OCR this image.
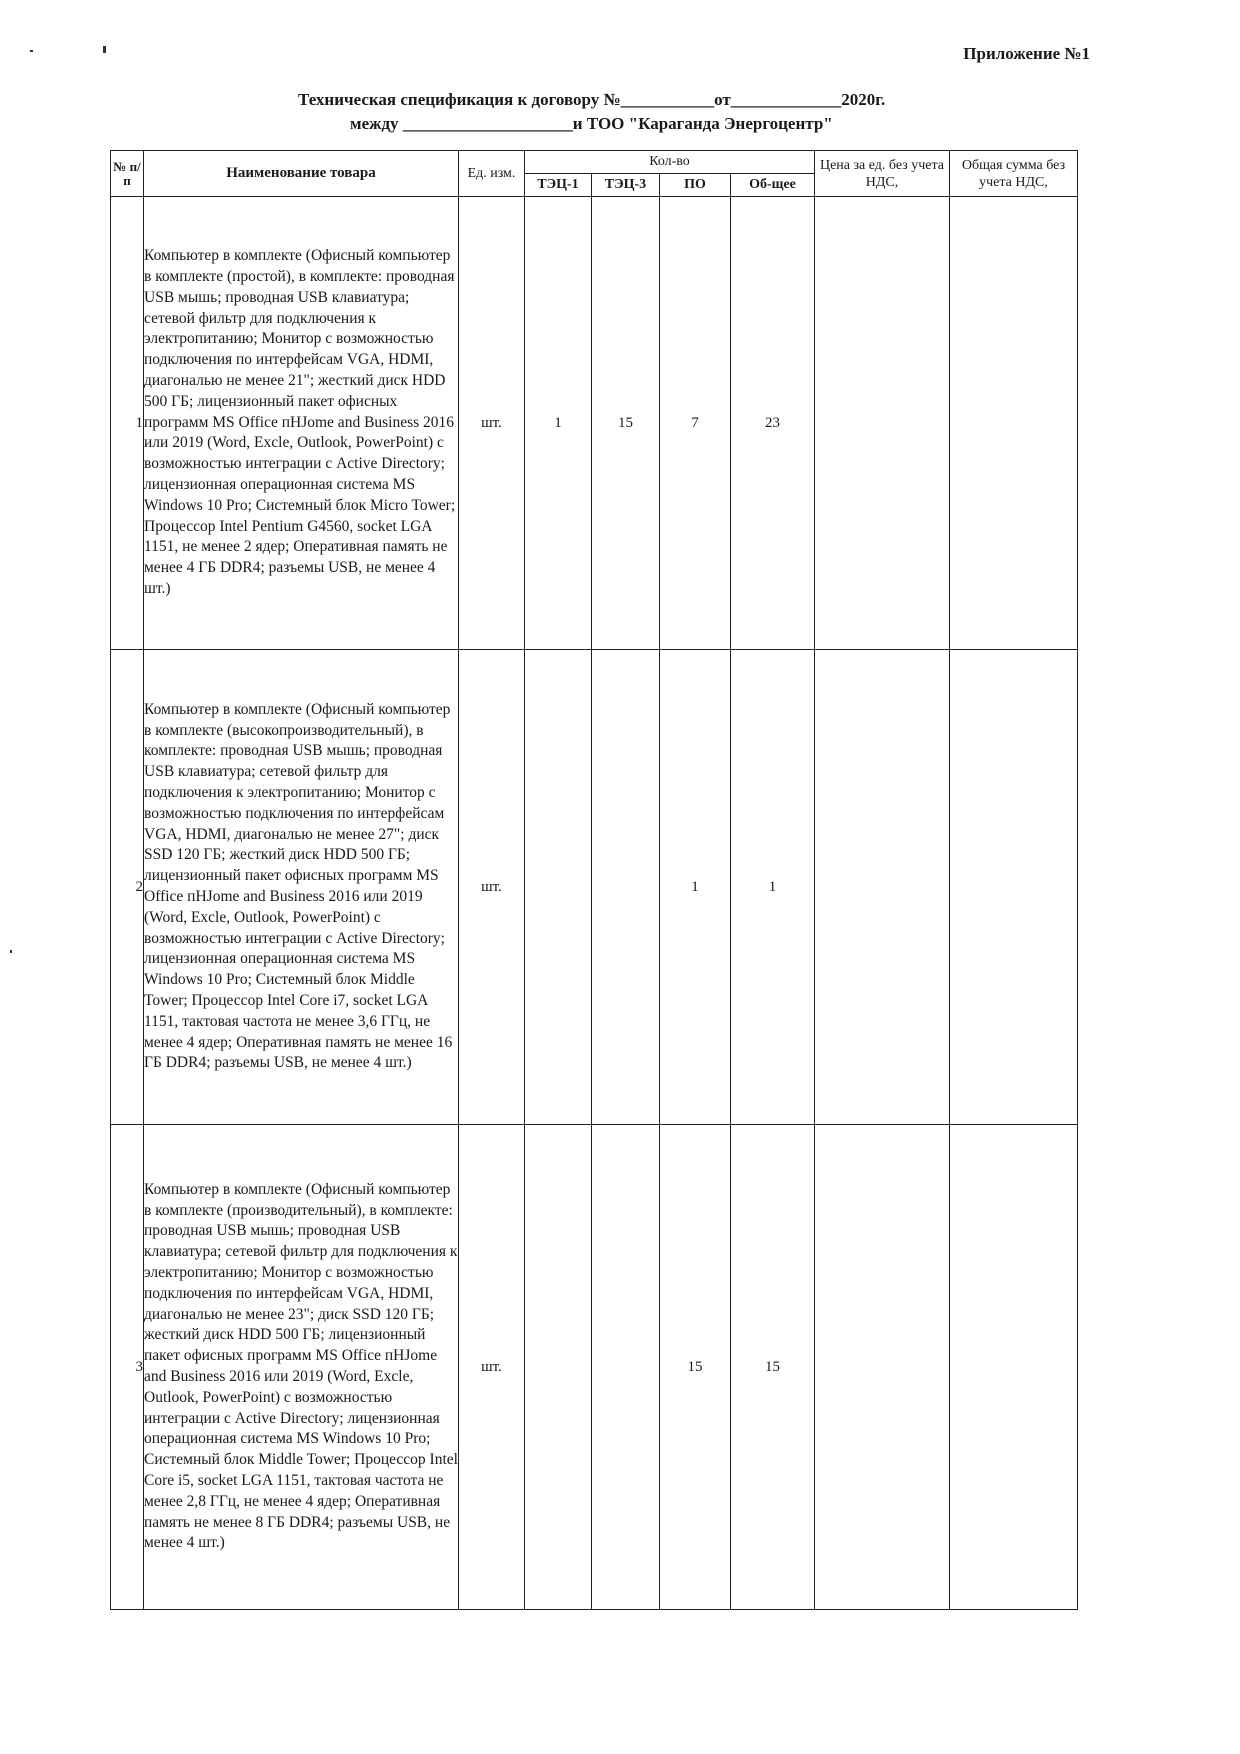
Приложение №1
Техническая спецификация к договору №___________от_____________2020г.
между ____________________и ТОО "Караганда Энергоцентр"
№ п/п	Наименование товара	Ед. изм.	Кол-во				Цена за ед. без учета НДС,	Общая сумма без учета НДС,
			ТЭЦ-1	ТЭЦ-3	ПО	Об-щее		
1	Компьютер в комплекте (Офисный компьютер в комплекте (простой), в комплекте: проводная USB мышь; проводная USB клавиатура; сетевой фильтр для подключения к электропитанию; Монитор с возможностью подключения по интерфейсам VGA, HDMI, диагональю не менее 21"; жесткий диск HDD 500 ГБ; лицензионный пакет офисных программ MS Office пHJome and Business 2016 или 2019 (Word, Excle, Outlook, PowerPoint) с возможностью интеграции с Active Directory; лицензионная операционная система MS Windows 10 Pro; Системный блок Micro Tower; Процессор Intel Pentium G4560, socket LGA 1151, не менее 2 ядер; Оперативная память не менее 4 ГБ DDR4; разъемы USB, не менее 4 шт.)	шт.	1	15	7	23		
2	Компьютер в комплекте (Офисный компьютер в комплекте (высокопроизводительный), в комплекте: проводная USB мышь; проводная USB клавиатура; сетевой фильтр для подключения к электропитанию; Монитор с возможностью подключения по интерфейсам VGA, HDMI, диагональю не менее 27"; диск SSD 120 ГБ; жесткий диск HDD 500 ГБ; лицензионный пакет офисных программ MS Office пHJome and Business 2016 или 2019 (Word, Excle, Outlook, PowerPoint) с возможностью интеграции с Active Directory; лицензионная операционная система MS Windows 10 Pro; Системный блок Middle Tower; Процессор Intel Core i7, socket LGA 1151, тактовая частота не менее 3,6 ГГц, не менее 4 ядер; Оперативная память не менее 16 ГБ DDR4; разъемы USB, не менее 4 шт.)	шт.			1	1		
3	Компьютер в комплекте (Офисный компьютер в комплекте (производительный), в комплекте: проводная USB мышь; проводная USB клавиатура; сетевой фильтр для подключения к электропитанию; Монитор с возможностью подключения по интерфейсам VGA, HDMI, диагональю не менее 23"; диск SSD 120 ГБ; жесткий диск HDD 500 ГБ; лицензионный пакет офисных программ MS Office пHJome and Business 2016 или 2019 (Word, Excle, Outlook, PowerPoint) с возможностью интеграции с Active Directory; лицензионная операционная система MS Windows 10 Pro; Системный блок Middle Tower; Процессор Intel Core i5, socket LGA 1151, тактовая частота не менее 2,8 ГГц, не менее 4 ядер; Оперативная память не менее 8 ГБ DDR4; разъемы USB, не менее 4 шт.)	шт.			15	15		
